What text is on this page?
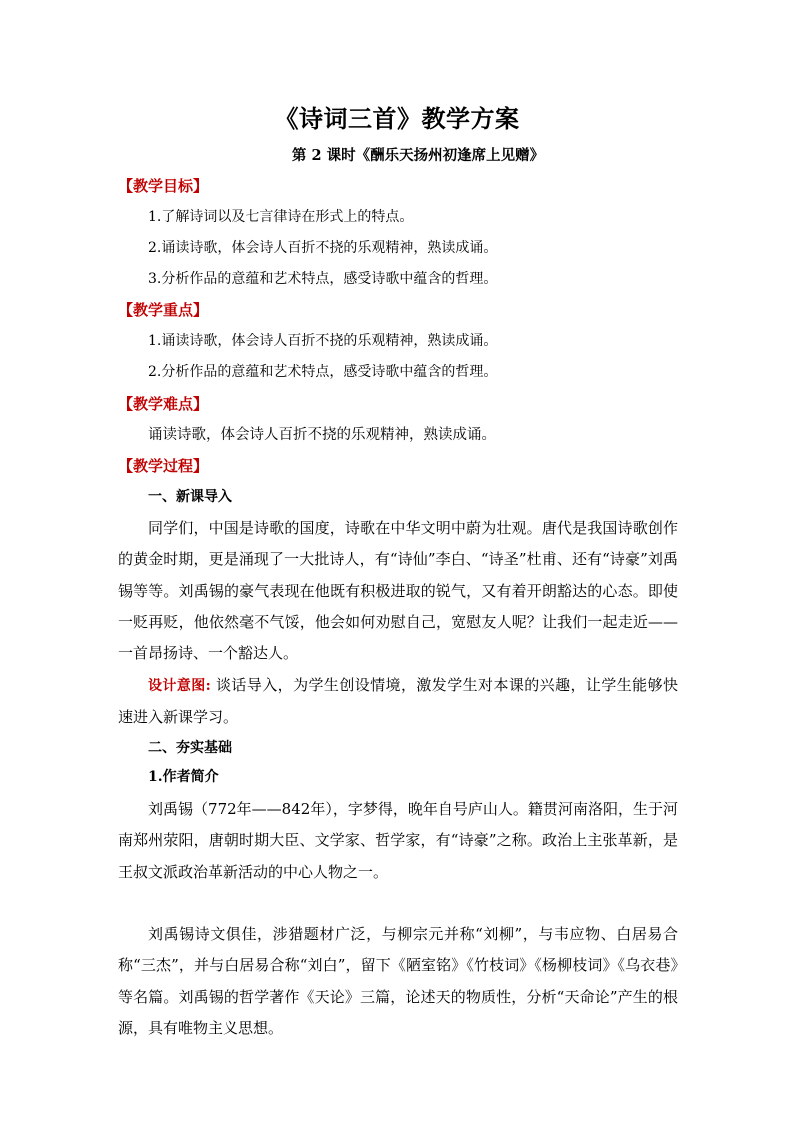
《诗词三首》教学方案
第 2 课时《酬乐天扬州初逢席上见赠》
【教学目标】
1.了解诗词以及七言律诗在形式上的特点。
2.诵读诗歌，体会诗人百折不挠的乐观精神，熟读成诵。
3.分析作品的意蕴和艺术特点，感受诗歌中蕴含的哲理。
【教学重点】
1.诵读诗歌，体会诗人百折不挠的乐观精神，熟读成诵。
2.分析作品的意蕴和艺术特点，感受诗歌中蕴含的哲理。
【教学难点】
诵读诗歌，体会诗人百折不挠的乐观精神，熟读成诵。
【教学过程】
一、新课导入

同学们，中国是诗歌的国度，诗歌在中华文明中蔚为壮观。唐代是我国诗歌创作的黄金时期，更是涌现了一大批诗人，有“诗仙”李白、“诗圣”杜甫、还有“诗豪”刘禹锡等等。刘禹锡的豪气表现在他既有积极进取的锐气，又有着开朗豁达的心态。即使一贬再贬，他依然毫不气馁，他会如何劝慰自己，宽慰友人呢？让我们一起走近——一首昂扬诗、一个豁达人。

设计意图: 谈话导入，为学生创设情境，激发学生对本课的兴趣，让学生能够快速进入新课学习。

二、夯实基础
1.作者简介

刘禹锡（772年——842年），字梦得，晚年自号庐山人。籍贯河南洛阳，生于河南郑州荥阳，唐朝时期大臣、文学家、哲学家，有“诗豪”之称。政治上主张革新，是王叔文派政治革新活动的中心人物之一。

刘禹锡诗文俱佳，涉猎题材广泛，与柳宗元并称“刘柳”，与韦应物、白居易合称“三杰”，并与白居易合称“刘白”，留下《陋室铭》《竹枝词》《杨柳枝词》《乌衣巷》等名篇。刘禹锡的哲学著作《天论》三篇，论述天的物质性，分析“天命论”产生的根源，具有唯物主义思想。
